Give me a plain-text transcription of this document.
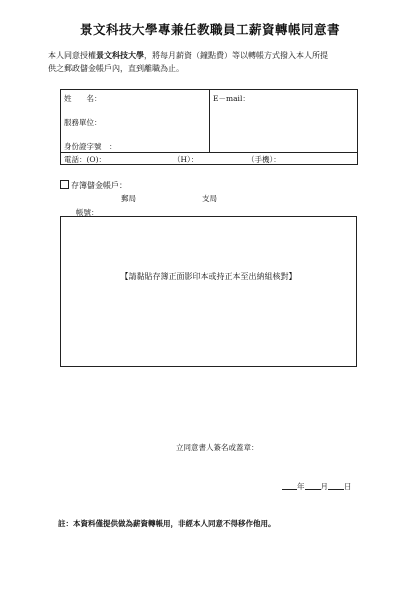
景文科技大學專兼任教職員工薪資轉帳同意書
本人同意授權景文科技大學，將每月薪資（鐘點費）等以轉帳方式撥入本人所提
供之郵政儲金帳戶內，直到離職為止。
姓　　名：
服務單位：
身份證字號　：

E－mail：

電話：(O)：	（H）：	（手機）：
存簿儲金帳戶：
郵局	支局
帳號：
【請黏貼存簿正面影印本或持正本至出納組核對】
立同意書人簽名或蓋章：
年 月 日
註：本資料僅提供做為薪資轉帳用，非經本人同意不得移作他用。
